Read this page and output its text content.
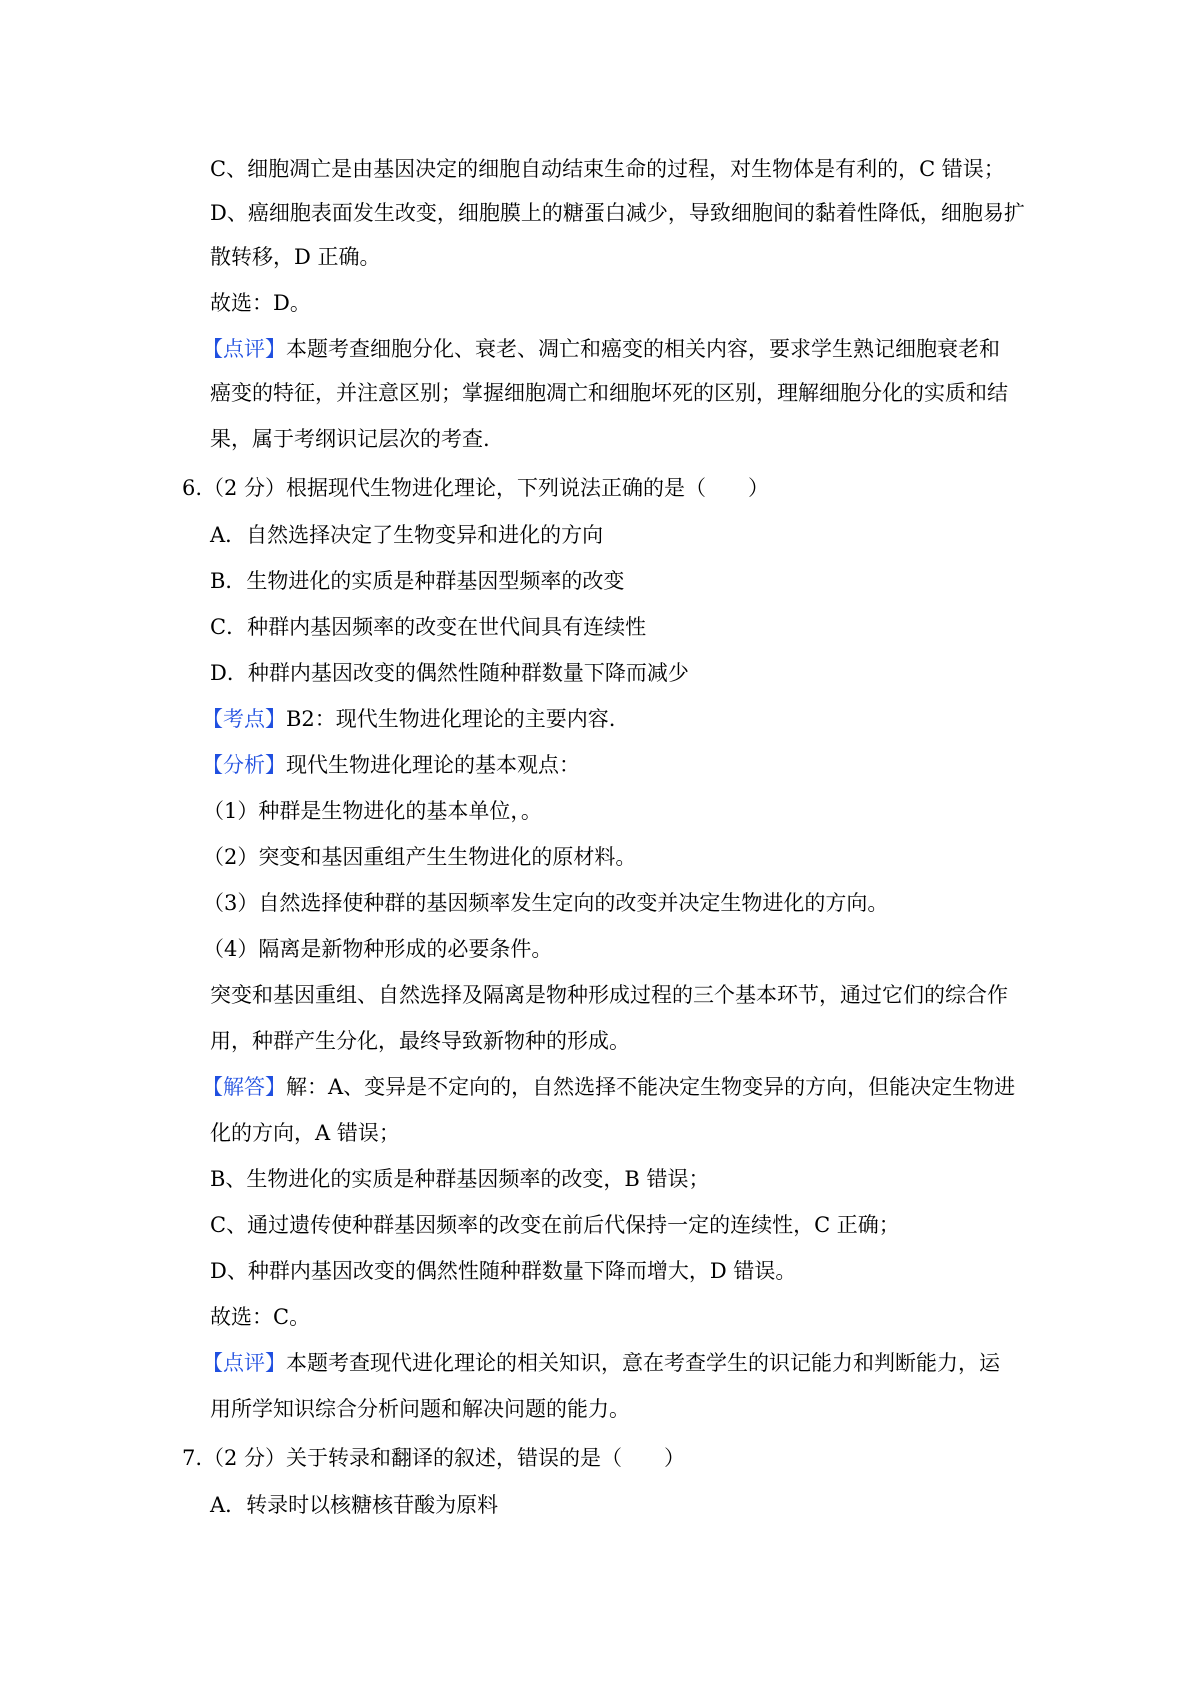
C、细胞凋亡是由基因决定的细胞自动结束生命的过程，对生物体是有利的，C 错误；
D、癌细胞表面发生改变，细胞膜上的糖蛋白减少，导致细胞间的黏着性降低，细胞易扩
散转移，D 正确。
故选：D。
【点评】本题考查细胞分化、衰老、凋亡和癌变的相关内容，要求学生熟记细胞衰老和
癌变的特征，并注意区别；掌握细胞凋亡和细胞坏死的区别，理解细胞分化的实质和结
果，属于考纲识记层次的考查.
6. （2 分）根据现代生物进化理论，下列说法正确的是（　　）
A．自然选择决定了生物变异和进化的方向
B．生物进化的实质是种群基因型频率的改变
C．种群内基因频率的改变在世代间具有连续性
D．种群内基因改变的偶然性随种群数量下降而减少
【考点】B2：现代生物进化理论的主要内容.
【分析】现代生物进化理论的基本观点：
（1）种群是生物进化的基本单位，。
（2）突变和基因重组产生生物进化的原材料。
（3）自然选择使种群的基因频率发生定向的改变并决定生物进化的方向。
（4）隔离是新物种形成的必要条件。
突变和基因重组、自然选择及隔离是物种形成过程的三个基本环节，通过它们的综合作
用，种群产生分化，最终导致新物种的形成。
【解答】解：A、变异是不定向的，自然选择不能决定生物变异的方向，但能决定生物进
化的方向，A 错误；
B、生物进化的实质是种群基因频率的改变，B 错误；
C、通过遗传使种群基因频率的改变在前后代保持一定的连续性，C 正确；
D、种群内基因改变的偶然性随种群数量下降而增大，D 错误。
故选：C。
【点评】本题考查现代进化理论的相关知识，意在考查学生的识记能力和判断能力，运
用所学知识综合分析问题和解决问题的能力。
7. （2 分）关于转录和翻译的叙述，错误的是（　　）
A．转录时以核糖核苷酸为原料
